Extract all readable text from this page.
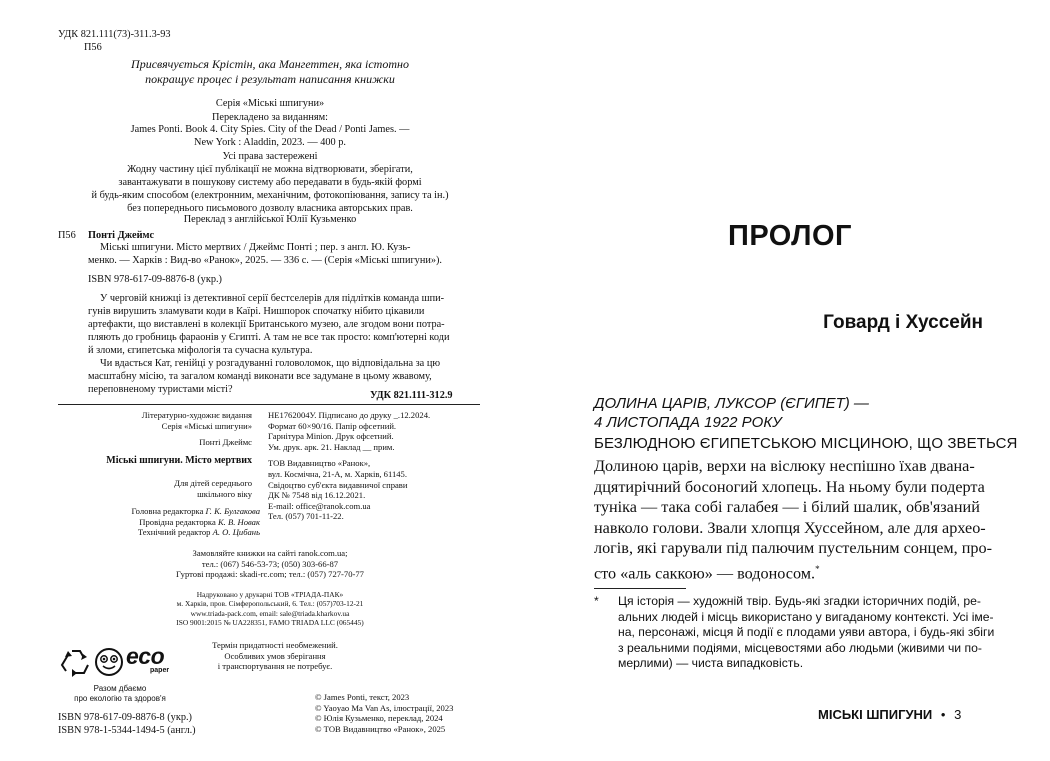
УДК 821.111(73)-311.3-93
П56
Присвячується Крістін, ака Мангеттен, яка істотно
покращує процес і результат написання книжки
Серія «Міські шпигуни»
Перекладено за виданням:
James Ponti. Book 4. City Spies. City of the Dead / Ponti James. —
New York : Aladdin, 2023. — 400 p.
Усі права застережені
Жодну частину цієї публікації не можна відтворювати, зберігати,
завантажувати в пошукову систему або передавати в будь-якій формі
й будь-яким способом (електронним, механічним, фотокопіювання, запису та ін.)
без попереднього письмового дозволу власника авторських прав.
Переклад з англійської Юлії Кузьменко
П56 Понті Джеймс
Міські шпигуни. Місто мертвих / Джеймс Понті ; пер. з англ. Ю. Кузь-
менко. — Харків : Вид-во «Ранок», 2025. — 336 с. — (Серія «Міські шпигуни»).
ISBN 978-617-09-8876-8 (укр.)
У черговій книжці із детективної серії бестселерів для підлітків команда шпи-
гунів вирушить зламувати коди в Каїрі. Нишпорок спочатку нібито цікавили
артефакти, що виставлені в колекції Британського музею, але згодом вони потра-
пляють до гробниць фараонів у Єгипті. А там не все так просто: комп'ютерні коди
й зломи, єгипетська міфологія та сучасна культура.
Чи вдасться Кат, генійці у розгадуванні головоломок, що відповідальна за цю
масштабну місію, та загалом команді виконати все задумане в цьому жвавому,
переповненому туристами місті?
УДК 821.111-312.9
Літературно-художнє видання
Серія «Міські шпигуни»
Понті Джеймс
Міські шпигуни. Місто мертвих
Для дітей середнього
шкільного віку
Головна редакторка Г. К. Булгакова
Провідна редакторка К. В. Новак
Технічний редактор А. О. Цибань
НЕ1762004У. Підписано до друку _.12.2024.
Формат 60×90/16. Папір офсетний.
Гарнітура Minion. Друк офсетний.
Ум. друк. арк. 21. Наклад __ прим.
ТОВ Видавництво «Ранок»,
вул. Космічна, 21-А, м. Харків, 61145.
Свідоцтво суб'єкта видавничої справи
ДК № 7548 від 16.12.2021.
E-mail: office@ranok.com.ua
Тел. (057) 701-11-22.
Замовляйте книжки на сайті ranok.com.ua;
тел.: (067) 546-53-73; (050) 303-66-87
Гуртові продажі: skadi-rc.com; тел.: (057) 727-70-77
Надруковано у друкарні ТОВ «ТРІАДА-ПАК»
м. Харків, пров. Сімферопольський, 6. Тел.: (057)703-12-21
www.triada-pack.com, email: sale@triada.kharkov.ua
ISO 9001:2015 № UA228351, FAMO TRIADA LLC (065445)
eco
paper
Термін придатності необмежений.
Особливих умов зберігання
і транспортування не потребує.
Разом дбаємо
про екологію та здоров'я
ISBN 978-617-09-8876-8 (укр.)
ISBN 978-1-5344-1494-5 (англ.)
© James Ponti, текст, 2023
© Yaoyao Ma Van As, ілюстрації, 2023
© Юлія Кузьменко, переклад, 2024
© ТОВ Видавництво «Ранок», 2025
ПРОЛОГ
Говард і Хуссейн
ДОЛИНА ЦАРІВ, ЛУКСОР (ЄГИПЕТ) —
4 ЛИСТОПАДА 1922 РОКУ
БЕЗЛЮДНОЮ ЄГИПЕТСЬКОЮ МІСЦИНОЮ, ЩО ЗВЕТЬСЯ
Долиною царів, верхи на віслюку неспішно їхав двана-
дцятирічний босоногий хлопець. На ньому були подерта
туніка — така собі галабея — і білий шалик, обв'язаний
навколо голови. Звали хлопця Хуссейном, але для архео-
логів, які гарували під палючим пустельним сонцем, про-
сто «аль саккою» — водоносом.*
* Ця історія — художній твір. Будь-які згадки історичних подій, ре-
альних людей і місць використано у вигаданому контексті. Усі іме-
на, персонажі, місця й події є плодами уяви автора, і будь-які збіги
з реальними подіями, місцевостями або людьми (живими чи по-
мерлими) — чиста випадковість.
МІСЬКІ ШПИГУНИ • 3
